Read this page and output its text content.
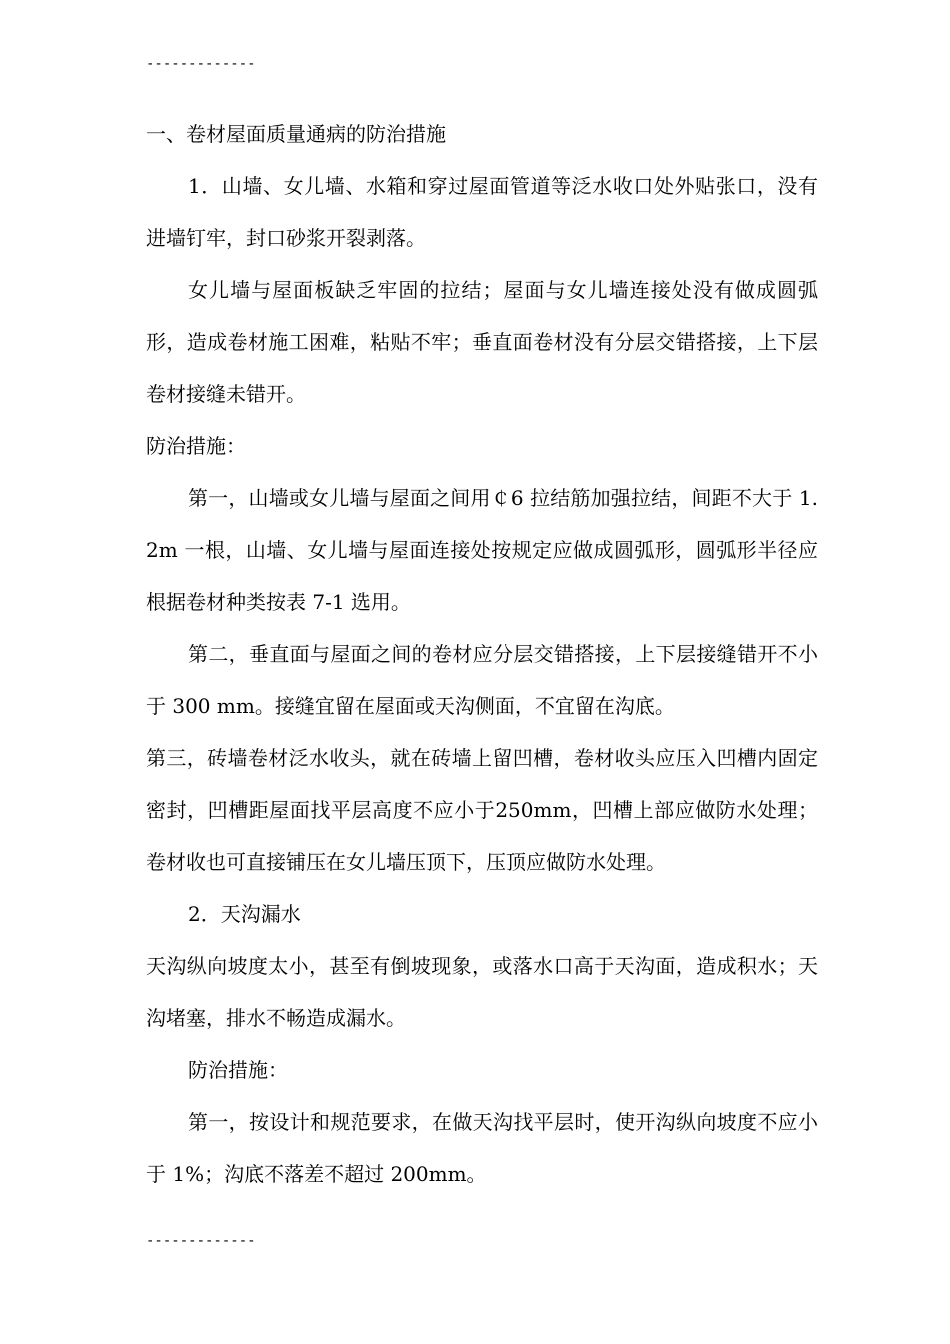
-------------

一、卷材屋面质量通病的防治措施

1．山墙、女儿墙、水箱和穿过屋面管道等泛水收口处外贴张口，没有进墙钉牢，封口砂浆开裂剥落。

女儿墙与屋面板缺乏牢固的拉结；屋面与女儿墙连接处没有做成圆弧形，造成卷材施工困难，粘贴不牢；垂直面卷材没有分层交错搭接，上下层卷材接缝未错开。

防治措施：

第一，山墙或女儿墙与屋面之间用￠6 拉结筋加强拉结，间距不大于 1.2m 一根，山墙、女儿墙与屋面连接处按规定应做成圆弧形，圆弧形半径应根据卷材种类按表 7-1 选用。

第二，垂直面与屋面之间的卷材应分层交错搭接，上下层接缝错开不小于 300 mm。接缝宜留在屋面或天沟侧面，不宜留在沟底。

第三，砖墙卷材泛水收头，就在砖墙上留凹槽，卷材收头应压入凹槽内固定密封，凹槽距屋面找平层高度不应小于250mm，凹槽上部应做防水处理；卷材收也可直接铺压在女儿墙压顶下，压顶应做防水处理。

2．天沟漏水

天沟纵向坡度太小，甚至有倒坡现象，或落水口高于天沟面，造成积水；天沟堵塞，排水不畅造成漏水。

防治措施：

第一，按设计和规范要求，在做天沟找平层时，使开沟纵向坡度不应小于 1%；沟底不落差不超过 200mm。

-------------
